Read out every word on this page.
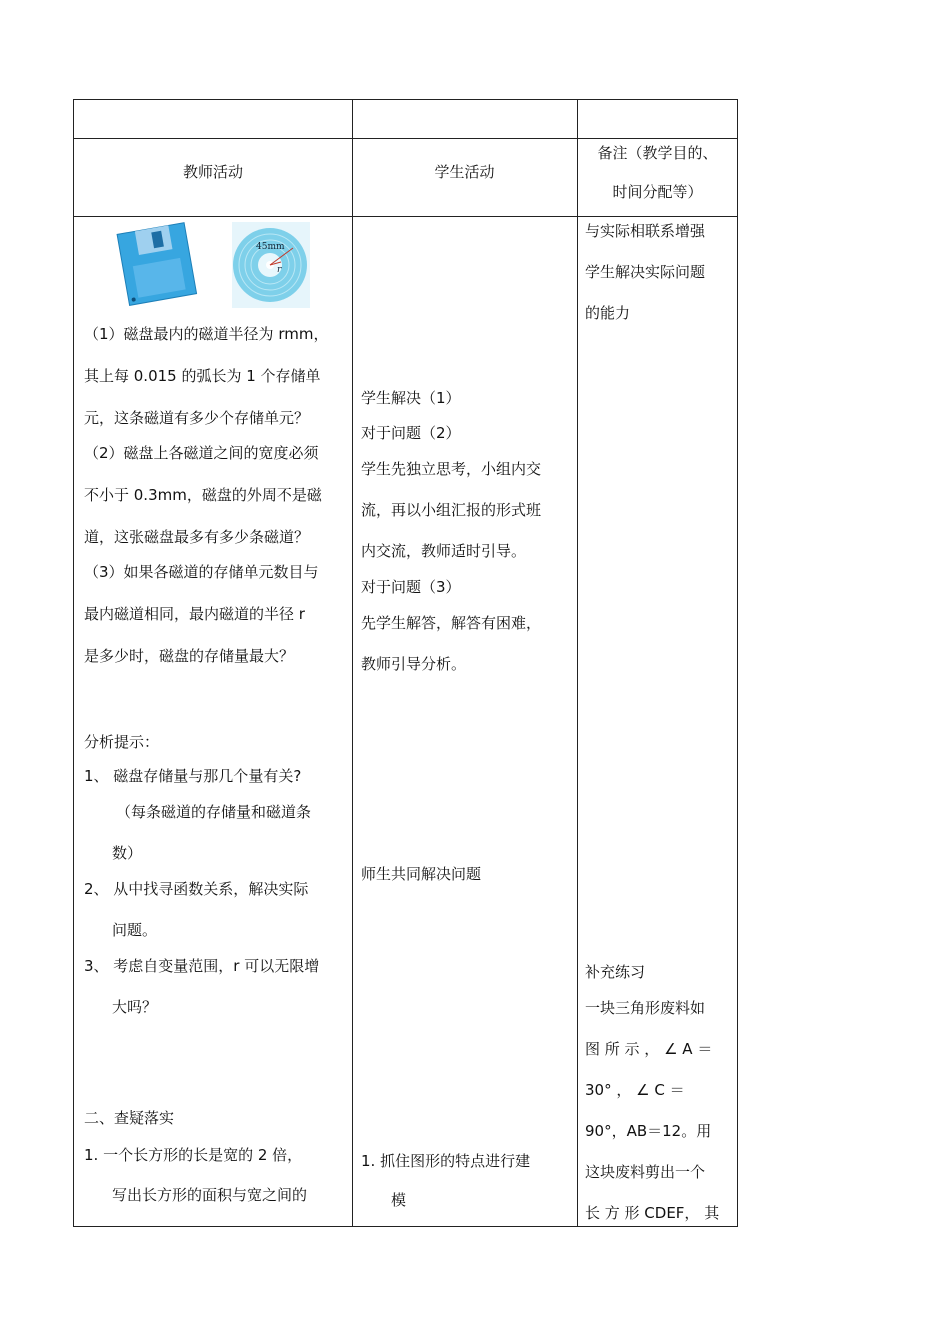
教师活动	学生活动
备注（教学目的、
时间分配等）
45mm
r
（1）磁盘最内的磁道半径为 rmm，
其上每 0.015 的弧长为 1 个存储单
元，这条磁道有多少个存储单元？
（2）磁盘上各磁道之间的宽度必须
不小于 0.3mm，磁盘的外周不是磁
道，这张磁盘最多有多少条磁道？
（3）如果各磁道的存储单元数目与
最内磁道相同，最内磁道的半径 r
是多少时，磁盘的存储量最大？
分析提示：
1、 磁盘存储量与那几个量有关?
（每条磁道的存储量和磁道条
数）
2、 从中找寻函数关系，解决实际
问题。
3、 考虑自变量范围，r 可以无限增
大吗？
二、查疑落实
1. 一个长方形的长是宽的 2 倍，
写出长方形的面积与宽之间的
学生解决（1）
对于问题（2）
学生先独立思考，小组内交
流，再以小组汇报的形式班
内交流，教师适时引导。
对于问题（3）
先学生解答，解答有困难，
教师引导分析。
师生共同解决问题
1. 抓住图形的特点进行建
模
与实际相联系增强
学生解决实际问题
的能力
补充练习
一块三角形废料如
图 所 示 ， ∠ A ＝
30° ， ∠ C ＝
90°，AB＝12。用
这块废料剪出一个
长 方 形 CDEF， 其
